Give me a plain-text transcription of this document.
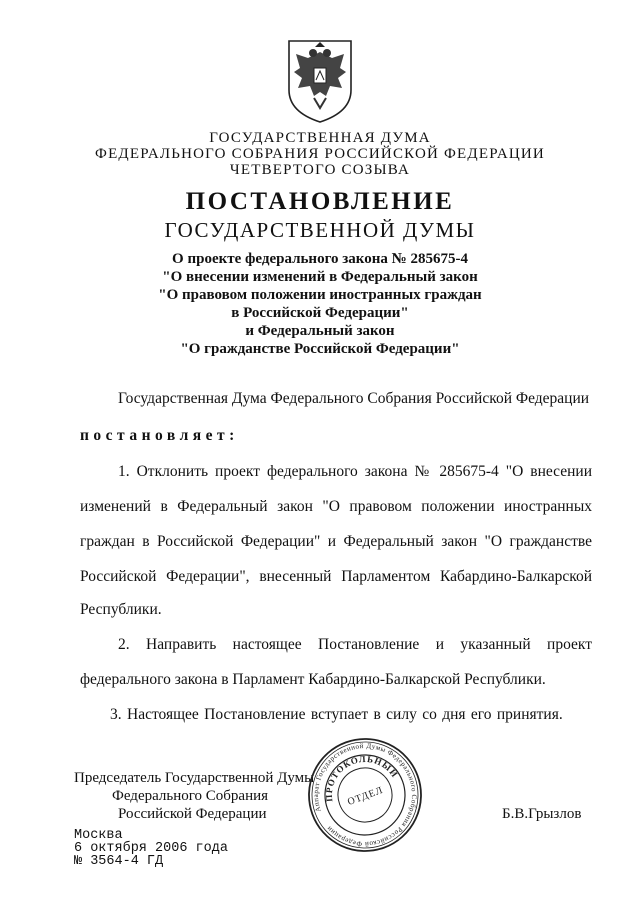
ГОСУДАРСТВЕННАЯ ДУМА
ФЕДЕРАЛЬНОГО СОБРАНИЯ РОССИЙСКОЙ ФЕДЕРАЦИИ
ЧЕТВЕРТОГО СОЗЫВА
ПОСТАНОВЛЕНИЕ
ГОСУДАРСТВЕННОЙ ДУМЫ
О проекте федерального закона № 285675-4
"О внесении изменений в Федеральный закон
"О правовом положении иностранных граждан
в Российской Федерации"
и Федеральный закон
"О гражданстве Российской Федерации"
Государственная Дума Федерального Собрания Российской Федерации
постановляет:
1. Отклонить проект федерального закона № 285675-4 "О внесении
изменений в Федеральный закон "О правовом положении иностранных
граждан в Российской Федерации" и Федеральный закон "О гражданстве
Российской Федерации", внесенный Парламентом Кабардино-Балкарской
Республики.
2. Направить настоящее Постановление и указанный проект
федерального закона в Парламент Кабардино-Балкарской Республики.
3. Настоящее Постановление вступает в силу со дня его принятия.
Председатель Государственной Думы
Федерального Собрания
Российской Федерации	Б.В.Грызлов
Аппарат Государственной Думы Федерального Собрания Российской Федерации
ПРОТОКОЛЬНЫЙ
ОТДЕЛ
Москва
6 октября 2006 года
№ 3564-4 ГД
